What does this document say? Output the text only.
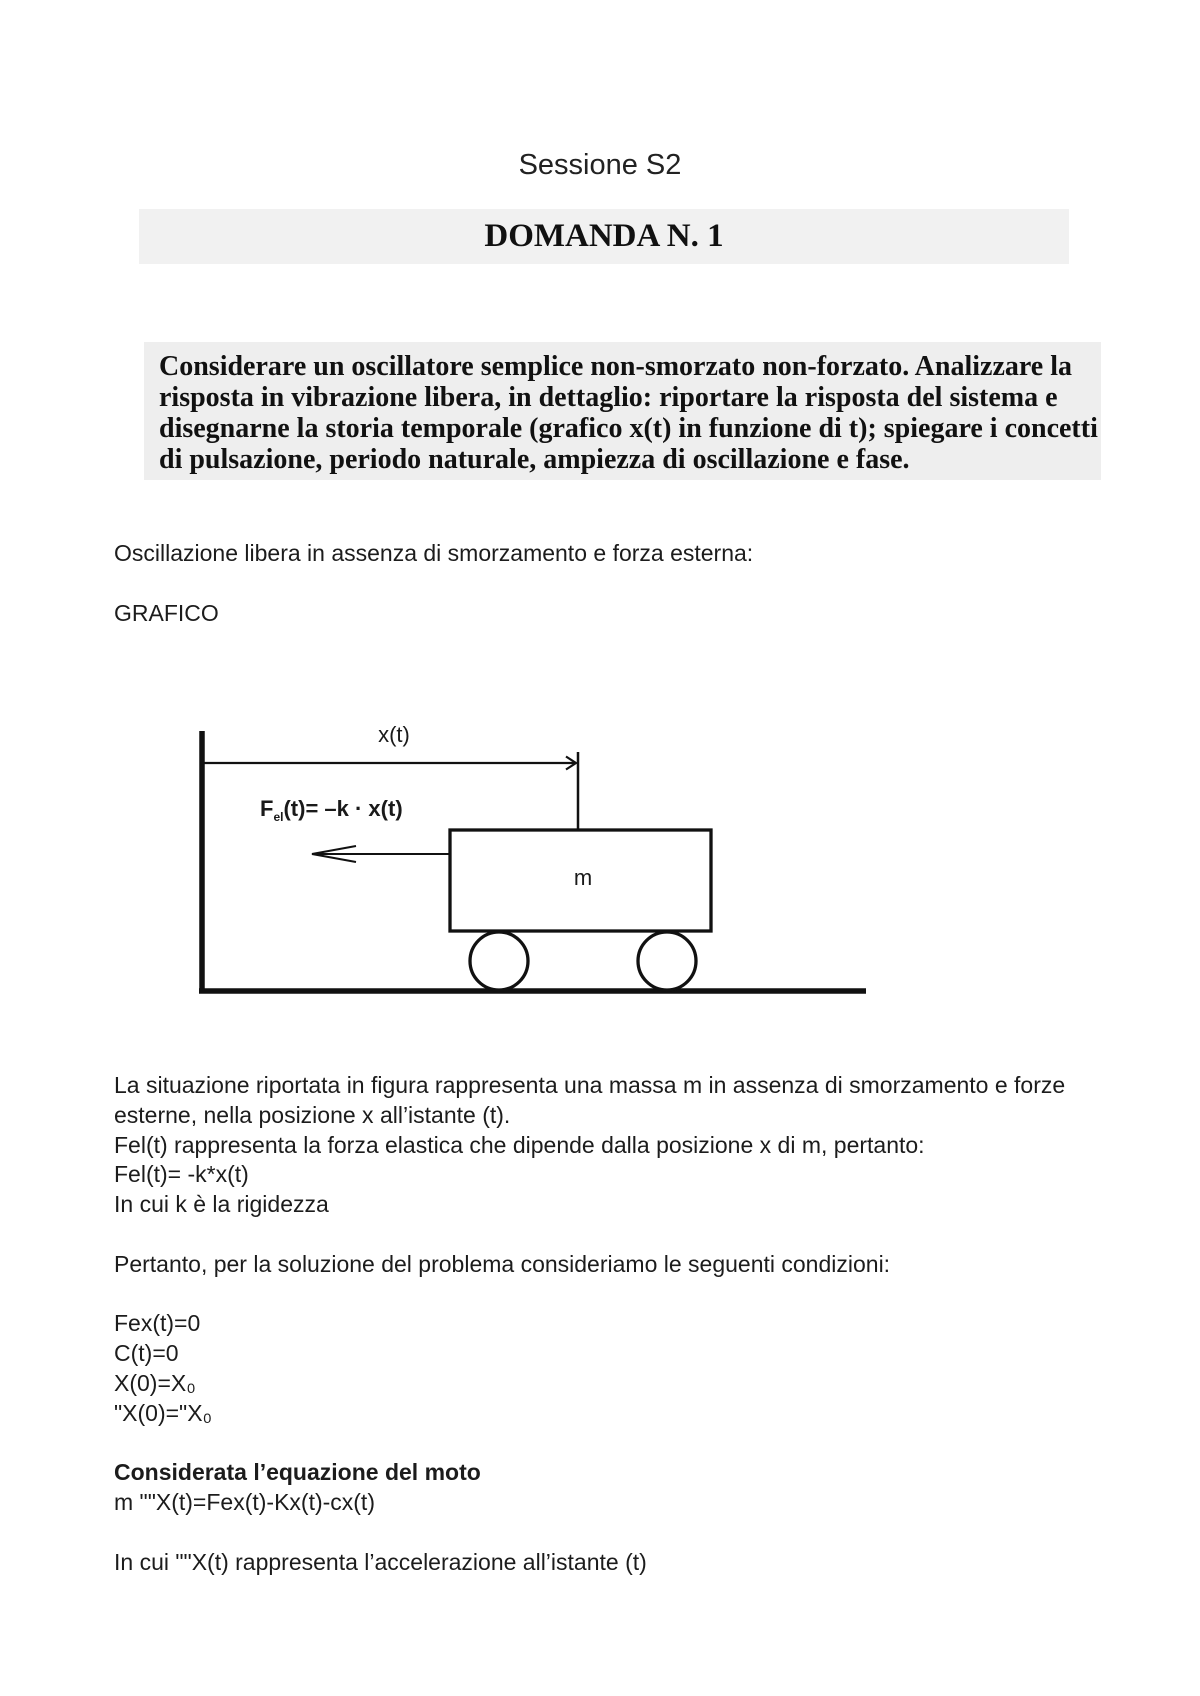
Sessione S2
DOMANDA N. 1
Considerare un oscillatore semplice non-smorzato non-forzato. Analizzare la
risposta in vibrazione libera, in dettaglio: riportare la risposta del sistema e
disegnarne la storia temporale (grafico x(t) in funzione di t); spiegare i concetti
di pulsazione, periodo naturale, ampiezza di oscillazione e fase.
Oscillazione libera in assenza di smorzamento e forza esterna:
GRAFICO
x(t)
$F_{el}(t)= -k \cdot x(t)$
m
La situazione riportata in figura rappresenta una massa m in assenza di smorzamento e forze
esterne, nella posizione x all’istante (t).
Fel(t) rappresenta la forza elastica che dipende dalla posizione x di m, pertanto:
Fel(t)= -k*x(t)
In cui k è la rigidezza
Pertanto, per la soluzione del problema consideriamo le seguenti condizioni:
Fex(t)=0
C(t)=0
X(0)=X₀
"X(0)="X₀
Considerata l’equazione del moto
m ""X(t)=Fex(t)-Kx(t)-cx(t)
In cui ""X(t) rappresenta l’accelerazione all’istante (t)
